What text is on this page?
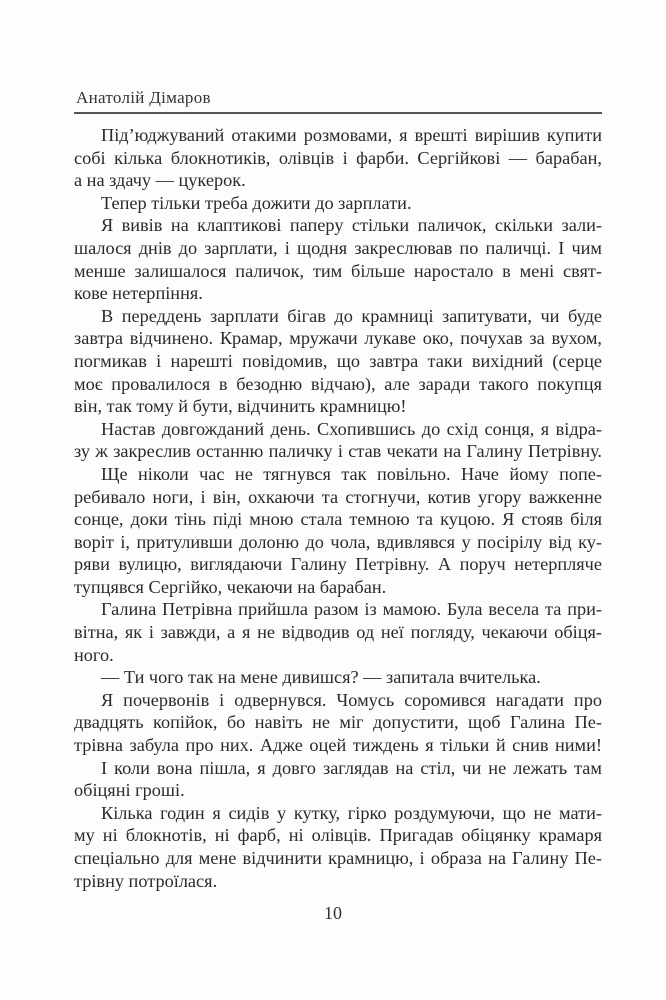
Анатолій Дімаров
Під’юджуваний отакими розмовами, я врешті вирішив купити
собі кілька блокнотиків, олівців і фарби. Сергійкові — барабан,
а на здачу — цукерок.
Тепер тільки треба дожити до зарплати.
Я вивів на клаптикові паперу стільки паличок, скільки зали-
шалося днів до зарплати, і щодня закреслював по паличці. І чим
менше залишалося паличок, тим більше наростало в мені свят-
кове нетерпіння.
В переддень зарплати бігав до крамниці запитувати, чи буде
завтра відчинено. Крамар, мружачи лукаве око, почухав за вухом,
погмикав і нарешті повідомив, що завтра таки вихідний (серце
моє провалилося в безодню відчаю), але заради такого покупця
він, так тому й бути, відчинить крамницю!
Настав довгожданий день. Схопившись до схід сонця, я відра-
зу ж закреслив останню паличку і став чекати на Галину Петрівну.
Ще ніколи час не тягнувся так повільно. Наче йому попе-
ребивало ноги, і він, охкаючи та стогнучи, котив угору важкенне
сонце, доки тінь піді мною стала темною та куцою. Я стояв біля
воріт і, притуливши долоню до чола, вдивлявся у посірілу від ку-
ряви вулицю, виглядаючи Галину Петрівну. А поруч нетерпляче
тупцявся Сергійко, чекаючи на барабан.
Галина Петрівна прийшла разом із мамою. Була весела та при-
вітна, як і завжди, а я не відводив од неї погляду, чекаючи обіця-
ного.
— Ти чого так на мене дивишся? — запитала вчителька.
Я почервонів і одвернувся. Чомусь соромився нагадати про
двадцять копійок, бо навіть не міг допустити, щоб Галина Пе-
трівна забула про них. Адже оцей тиждень я тільки й снив ними!
І коли вона пішла, я довго заглядав на стіл, чи не лежать там
обіцяні гроші.
Кілька годин я сидів у кутку, гірко роздумуючи, що не мати-
му ні блокнотів, ні фарб, ні олівців. Пригадав обіцянку крамаря
спеціально для мене відчинити крамницю, і образа на Галину Пе-
трівну потроїлася.
10
